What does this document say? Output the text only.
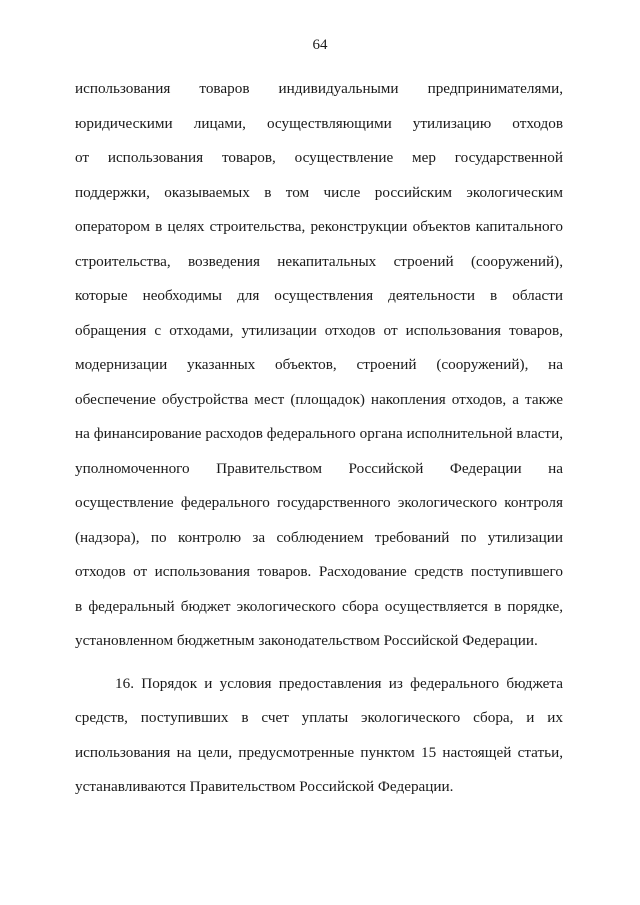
64
использования товаров индивидуальными предпринимателями,
юридическими лицами, осуществляющими утилизацию отходов
от использования товаров, осуществление мер государственной
поддержки, оказываемых в том числе российским экологическим
оператором в целях строительства, реконструкции объектов капитального
строительства, возведения некапитальных строений (сооружений),
которые необходимы для осуществления деятельности в области
обращения с отходами, утилизации отходов от использования товаров,
модернизации указанных объектов, строений (сооружений), на
обеспечение обустройства мест (площадок) накопления отходов, а также
на финансирование расходов федерального органа исполнительной власти,
уполномоченного Правительством Российской Федерации на
осуществление федерального государственного экологического контроля
(надзора), по контролю за соблюдением требований по утилизации
отходов от использования товаров. Расходование средств поступившего
в федеральный бюджет экологического сбора осуществляется в порядке,
установленном бюджетным законодательством Российской Федерации.
16. Порядок и условия предоставления из федерального бюджета
средств, поступивших в счет уплаты экологического сбора, и их
использования на цели, предусмотренные пунктом 15 настоящей статьи,
устанавливаются Правительством Российской Федерации.
